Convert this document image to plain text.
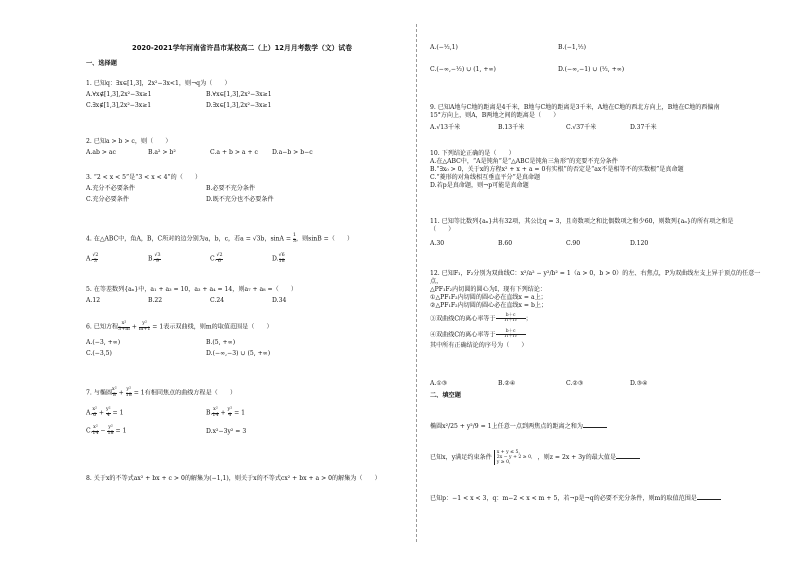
2020-2021学年河南省许昌市某校高二（上）12月月考数学（文）试卷
一、选择题
1. 已知q：∃x∈[1,3]，2x²−3x<1，则¬q为（　　）
A.∀x∉[1,3],2x²−3x≥1	B.∀x∈[1,3],2x²−3x≥1
C.∃x∉[1,3],2x²−3x≥1	D.∃x∈[1,3],2x²−3x≥1
2. 已知a > b > c，则（　　）
A.ab > ac	B.a² > b²	C.a + b > a + c D.a−b > b−c
3. “2 < x < 5”是“3 < x < 4”的（　　）
A.充分不必要条件	B.必要不充分条件
C.充分必要条件	D.既不充分也不必要条件
4. 在△ABC中，角A，B，C所对的边分别为a，b，c，若a = √3b，$\sin A = \frac{1}{3}$ ，则sinB =（　　）
A. $\frac{√2}{3}$	B. $\frac{√3}{9}$	C. $\frac{√2}{6}$	D. $\frac{√6}{18}$
5. 在等差数列{aₙ}中，a₁ + a₃ = 10，a₃ + a₄ = 14，则a₇ + a₈ =（　　）
A.12	B.22	C.24	D.34
6. 已知方程 $\frac{\text{x²}}{3+m} + \frac{\text{y²}}{m+1} = 1$表示双曲线，则m的取值范围是（　　）
A.(−3, +∞)	B.(5, +∞)
C.(−3,5)	D.(−∞,−3) ∪ (5, +∞)
7. 与椭圆 $\frac{\text{x²}}{8} + \frac{\text{y²}}{18} = 1$有相同焦点的曲线方程是（　　）
A. $\frac{\text{x²}}{6} + \frac{\text{y²}}{4} = 1$	B. $\frac{\text{x²}}{14} + \frac{\text{y²}}{4} = 1$
C. $\frac{\text{x²}}{14} - \frac{\text{y²}}{18} = 1$	D.x²−3y² = 3
8. 关于x的不等式ax² + bx + c > 0的解集为(−1,1)，则关于x的不等式cx² + bx + a > 0的解集为（　　）
A.(−½,1)	B.(−1,½)
C.(−∞,−½) ∪ (1, +∞)	D.(−∞,−1) ∪ (½, +∞)
9. 已知A地与C地的距离是4千米，B地与C地的距离是3千米，A地在C地的西北方向上，B地在C地的西偏南
15°方向上，则A，B两地之间的距离是（　　）
A.√13千米	B.13千米	C.√37千米	D.37千米
10. 下列结论正确的是（　　）
A.在△ABC中，“A是钝角”是“△ABC是钝角三角形”的充要不充分条件
B.“∃x₀ > 0，关于x的方程x² + x + a = 0有实根”的否定是“ax不是相等不的实数根”是真命题
C.“菱形的对角线相互垂直平分”是真命题
D.若p是真命题，则¬p可能是真命题
11. 已知等比数列{aₙ}共有32项，其公比q = 3，且奇数项之和比偶数项之和少60，则数列{aₙ}的所有项之和是
（　　）
A.30	B.60	C.90	D.120
12. 已知F₁，F₂分别为双曲线C：x²/a² − y²/b² = 1（a > 0，b > 0）的左、右焦点，P为双曲线左支上异于顶点的任意一
点，
△PF₁F₂内切圆的圆心为I，现有下列结论：
①△PF₁F₂内切圆的圆心必在直线x = a上；
②△PF₁F₂内切圆的圆心必在直线x = b上；
③双曲线C的离心率等于 $\frac{b+c}{\text{r₁＋r₂}}$ ；
④双曲线C的离心率等于 $\frac{b+c}{\text{r₁＋r₂}}$
其中所有正确结论的序号为（　　）
A.①③	B.②④	C.②③	D.③④
二、填空题
椭圆x²/25 + y²/9 = 1上任意一点到两焦点的距离之和为
已知x，y满足约束条件
x + y ≤ 5，
2x − y + 2 ≥ 0，
y ≥ 0，
，则z = 2x + 3y的最大值是
已知p：−1 < x < 3，q：m−2 < x < m + 5，若¬p是¬q的必要不充分条件，则m的取值范围是
